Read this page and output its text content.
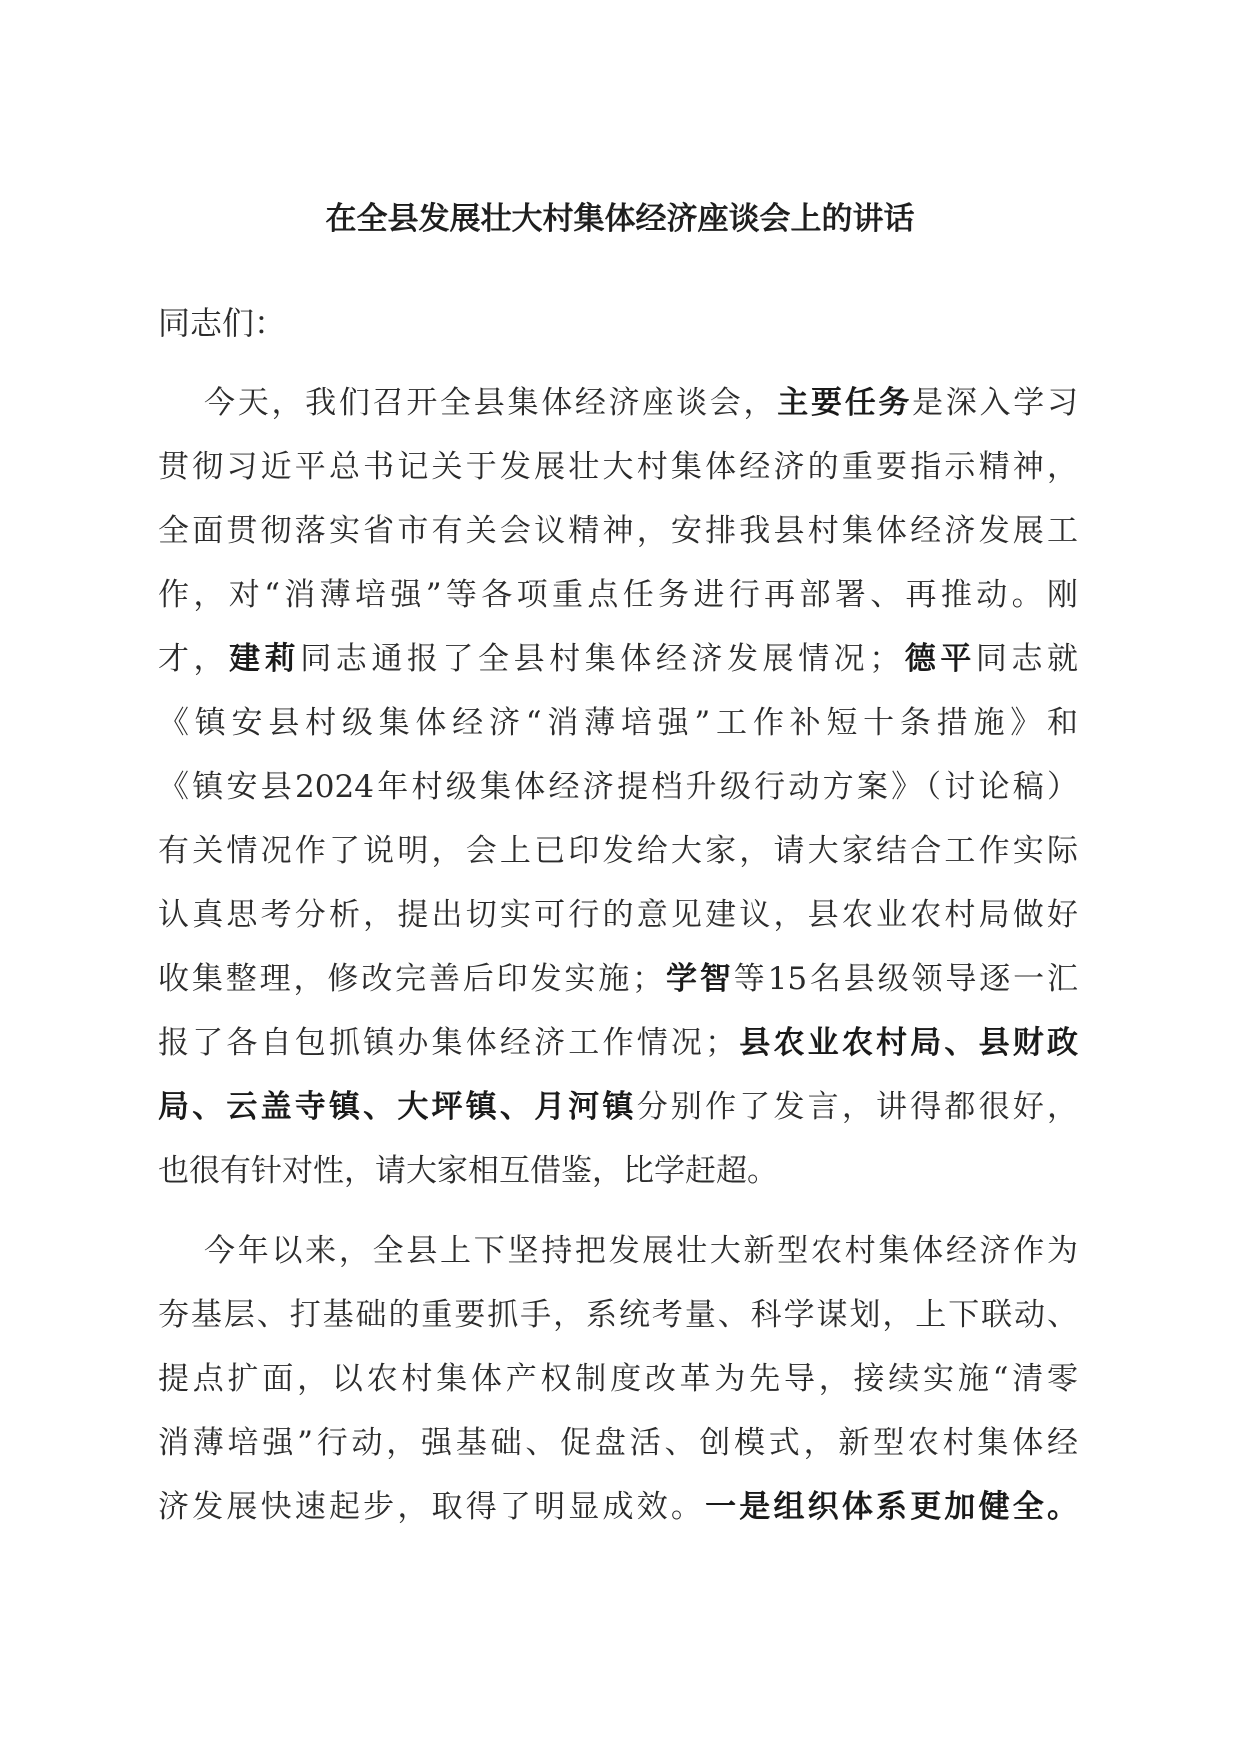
在全县发展壮大村集体经济座谈会上的讲话

同志们：

今天，我们召开全县集体经济座谈会，主要任务是深入学习

贯彻习近平总书记关于发展壮大村集体经济的重要指示精神，

全面贯彻落实省市有关会议精神，安排我县村集体经济发展工

作，对“消薄培强”等各项重点任务进行再部署、再推动。刚

才，建莉同志通报了全县村集体经济发展情况；德平同志就

《镇安县村级集体经济“消薄培强”工作补短十条措施》和

《镇安县2024年村级集体经济提档升级行动方案》（讨论稿）

有关情况作了说明，会上已印发给大家，请大家结合工作实际

认真思考分析，提出切实可行的意见建议，县农业农村局做好

收集整理，修改完善后印发实施；学智等15名县级领导逐一汇

报了各自包抓镇办集体经济工作情况；县农业农村局、县财政

局、云盖寺镇、大坪镇、月河镇分别作了发言，讲得都很好，

也很有针对性，请大家相互借鉴，比学赶超。

今年以来，全县上下坚持把发展壮大新型农村集体经济作为

夯基层、打基础的重要抓手，系统考量、科学谋划，上下联动、

提点扩面，以农村集体产权制度改革为先导，接续实施“清零

消薄培强”行动，强基础、促盘活、创模式，新型农村集体经

济发展快速起步，取得了明显成效。一是组织体系更加健全。
